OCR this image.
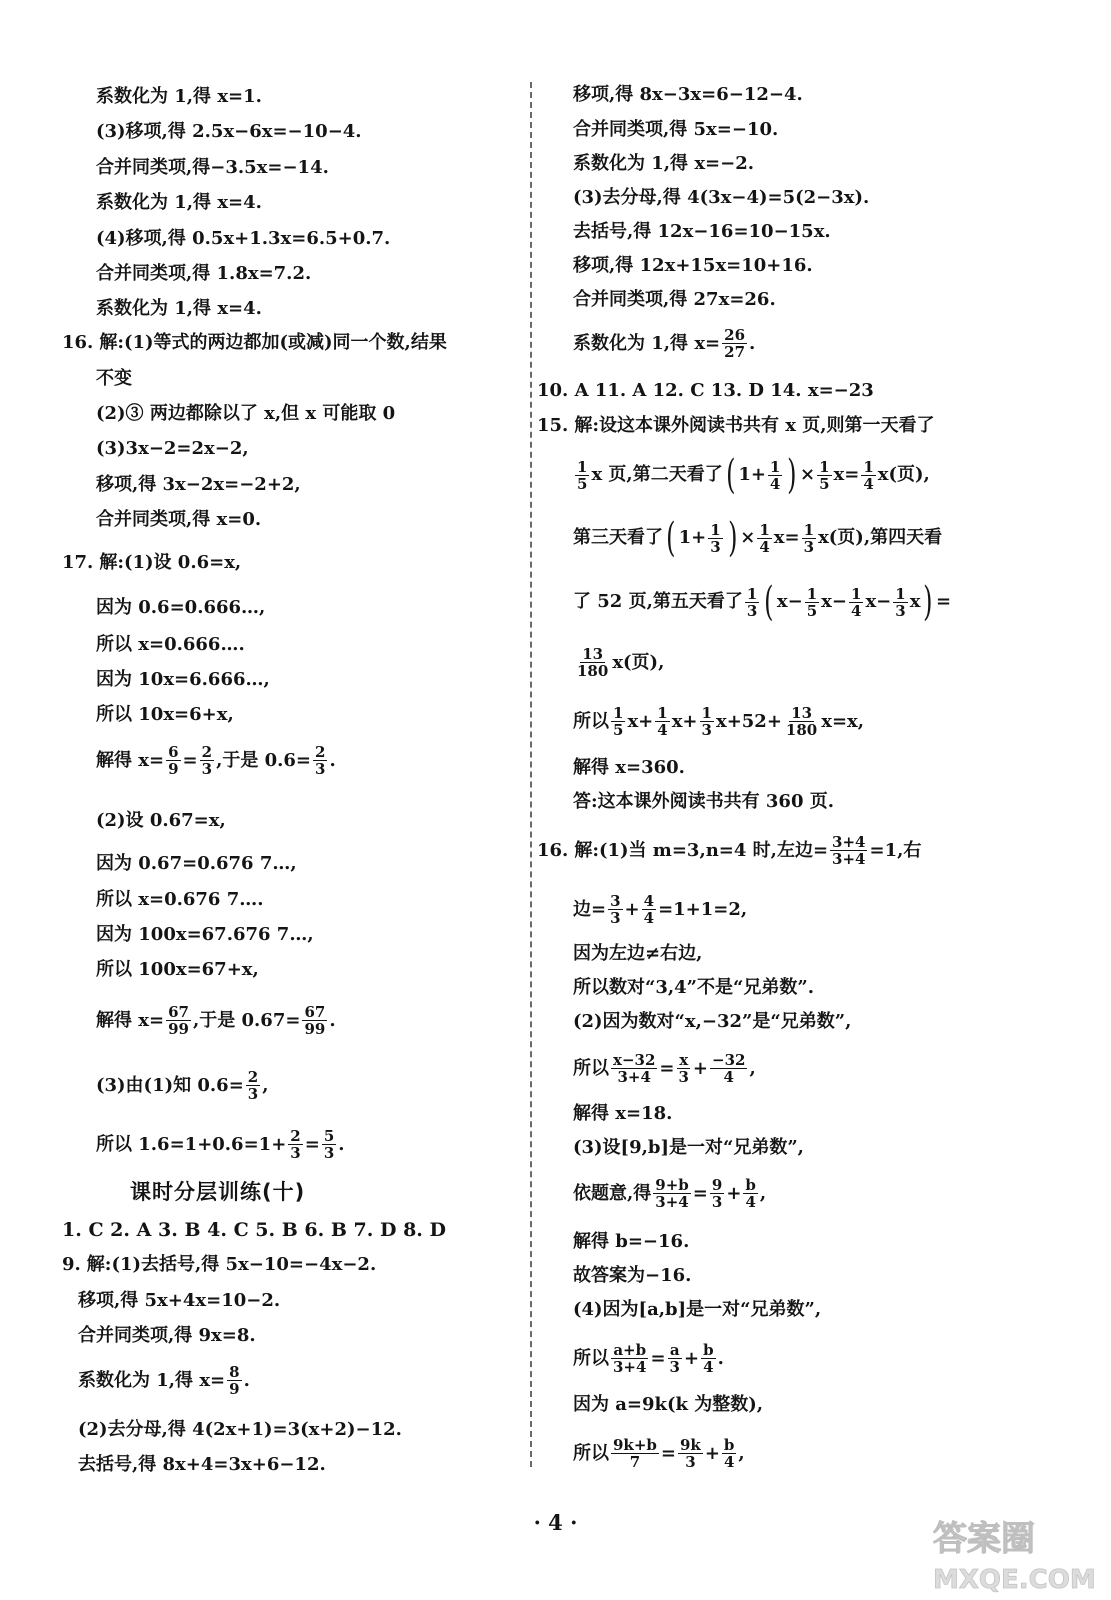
系数化为 1,得 x=1.
(3)移项,得 2.5x−6x=−10−4.
合并同类项,得−3.5x=−14.
系数化为 1,得 x=4.
(4)移项,得 0.5x+1.3x=6.5+0.7.
合并同类项,得 1.8x=7.2.
系数化为 1,得 x=4.
16. 解:(1)等式的两边都加(或减)同一个数,结果
不变
(2)③ 两边都除以了 x,但 x 可能取 0
(3)3x−2=2x−2,
移项,得 3x−2x=−2+2,
合并同类项,得 x=0.
17. 解:(1)设 0.6=x,
因为 0.6=0.666…,
所以 x=0.666….
因为 10x=6.666…,
所以 10x=6+x,
解得 $x= \frac{6}{9} = \frac{2}{3}$ ,于是 $0.6= \frac{2}{3}$ .
(2)设 0.67=x,
因为 0.67=0.676 7…,
所以 x=0.676 7….
因为 100x=67.676 7…,
所以 100x=67+x,
解得 $x= \frac{67}{99}$ ,于是 $0.67= \frac{67}{99}$ .
(3)由(1)知 $0.6= \frac{2}{3}$ ,
所以 $1.6=1+0.6=1+ \frac{2}{3} = \frac{5}{3}$ .
1. C 2. A 3. B 4. C 5. B 6. B 7. D 8. D
9. 解:(1)去括号,得 5x−10=−4x−2.
移项,得 5x+4x=10−2.
合并同类项,得 9x=8.
系数化为 1,得 $x= \frac{8}{9}$ .
(2)去分母,得 4(2x+1)=3(x+2)−12.
去括号,得 8x+4=3x+6−12.
课时分层训练(十)
移项,得 8x−3x=6−12−4.
合并同类项,得 5x=−10.
系数化为 1,得 x=−2.
(3)去分母,得 4(3x−4)=5(2−3x).
去括号,得 12x−16=10−15x.
移项,得 12x+15x=10+16.
合并同类项,得 27x=26.
系数化为 1,得 $x= \frac{26}{27}$ .
10. A 11. A 12. C 13. D 14. x=−23
15. 解:设这本课外阅读书共有 x 页,则第一天看了
$\frac{1}{5}$ x 页,第二天看了 ( $1+ \frac{1}{4}$ ) × $\frac{1}{5} x= \frac{1}{4} x$(页),
第三天看了 ( $1+ \frac{1}{3}$ ) × $\frac{1}{4} x= \frac{1}{3} x$(页),第四天看
了 52 页,第五天看了 $\frac{1}{3}$ ( $x- \frac{1}{5} x- \frac{1}{4} x- \frac{1}{3}$ x ) =
$\frac{13}{180} x$(页),
所以 $\frac{1}{5} x+ \frac{1}{4} x+ \frac{1}{3} x+52+ \frac{13}{180} x=x$,
解得 x=360.
答:这本课外阅读书共有 360 页.
16. 解:(1)当 m=3,n=4 时,左边= $\frac{3+4}{3+4} =1$,右
边= $\frac{3}{3} + \frac{4}{4} =1+1=2$,
因为左边≠右边,
所以数对“3,4”不是“兄弟数”.
(2)因为数对“x,−32”是“兄弟数”,
所以 $\frac{x-32}{3+4} = \frac{x}{3} + \frac{-32}{4}$ ,
解得 x=18.
(3)设[9,b]是一对“兄弟数”,
依题意,得 $\frac{9+b}{3+4} = \frac{9}{3} + \frac{b}{4}$ ,
解得 b=−16.
故答案为−16.
(4)因为[a,b]是一对“兄弟数”,
所以 $\frac{a+b}{3+4} = \frac{a}{3} + \frac{b}{4}$ .
因为 a=9k(k 为整数),
所以 $\frac{9k+b}{7} = \frac{9k}{3} + \frac{b}{4}$ ,
· 4 ·	答案圈
MXQE.COM
